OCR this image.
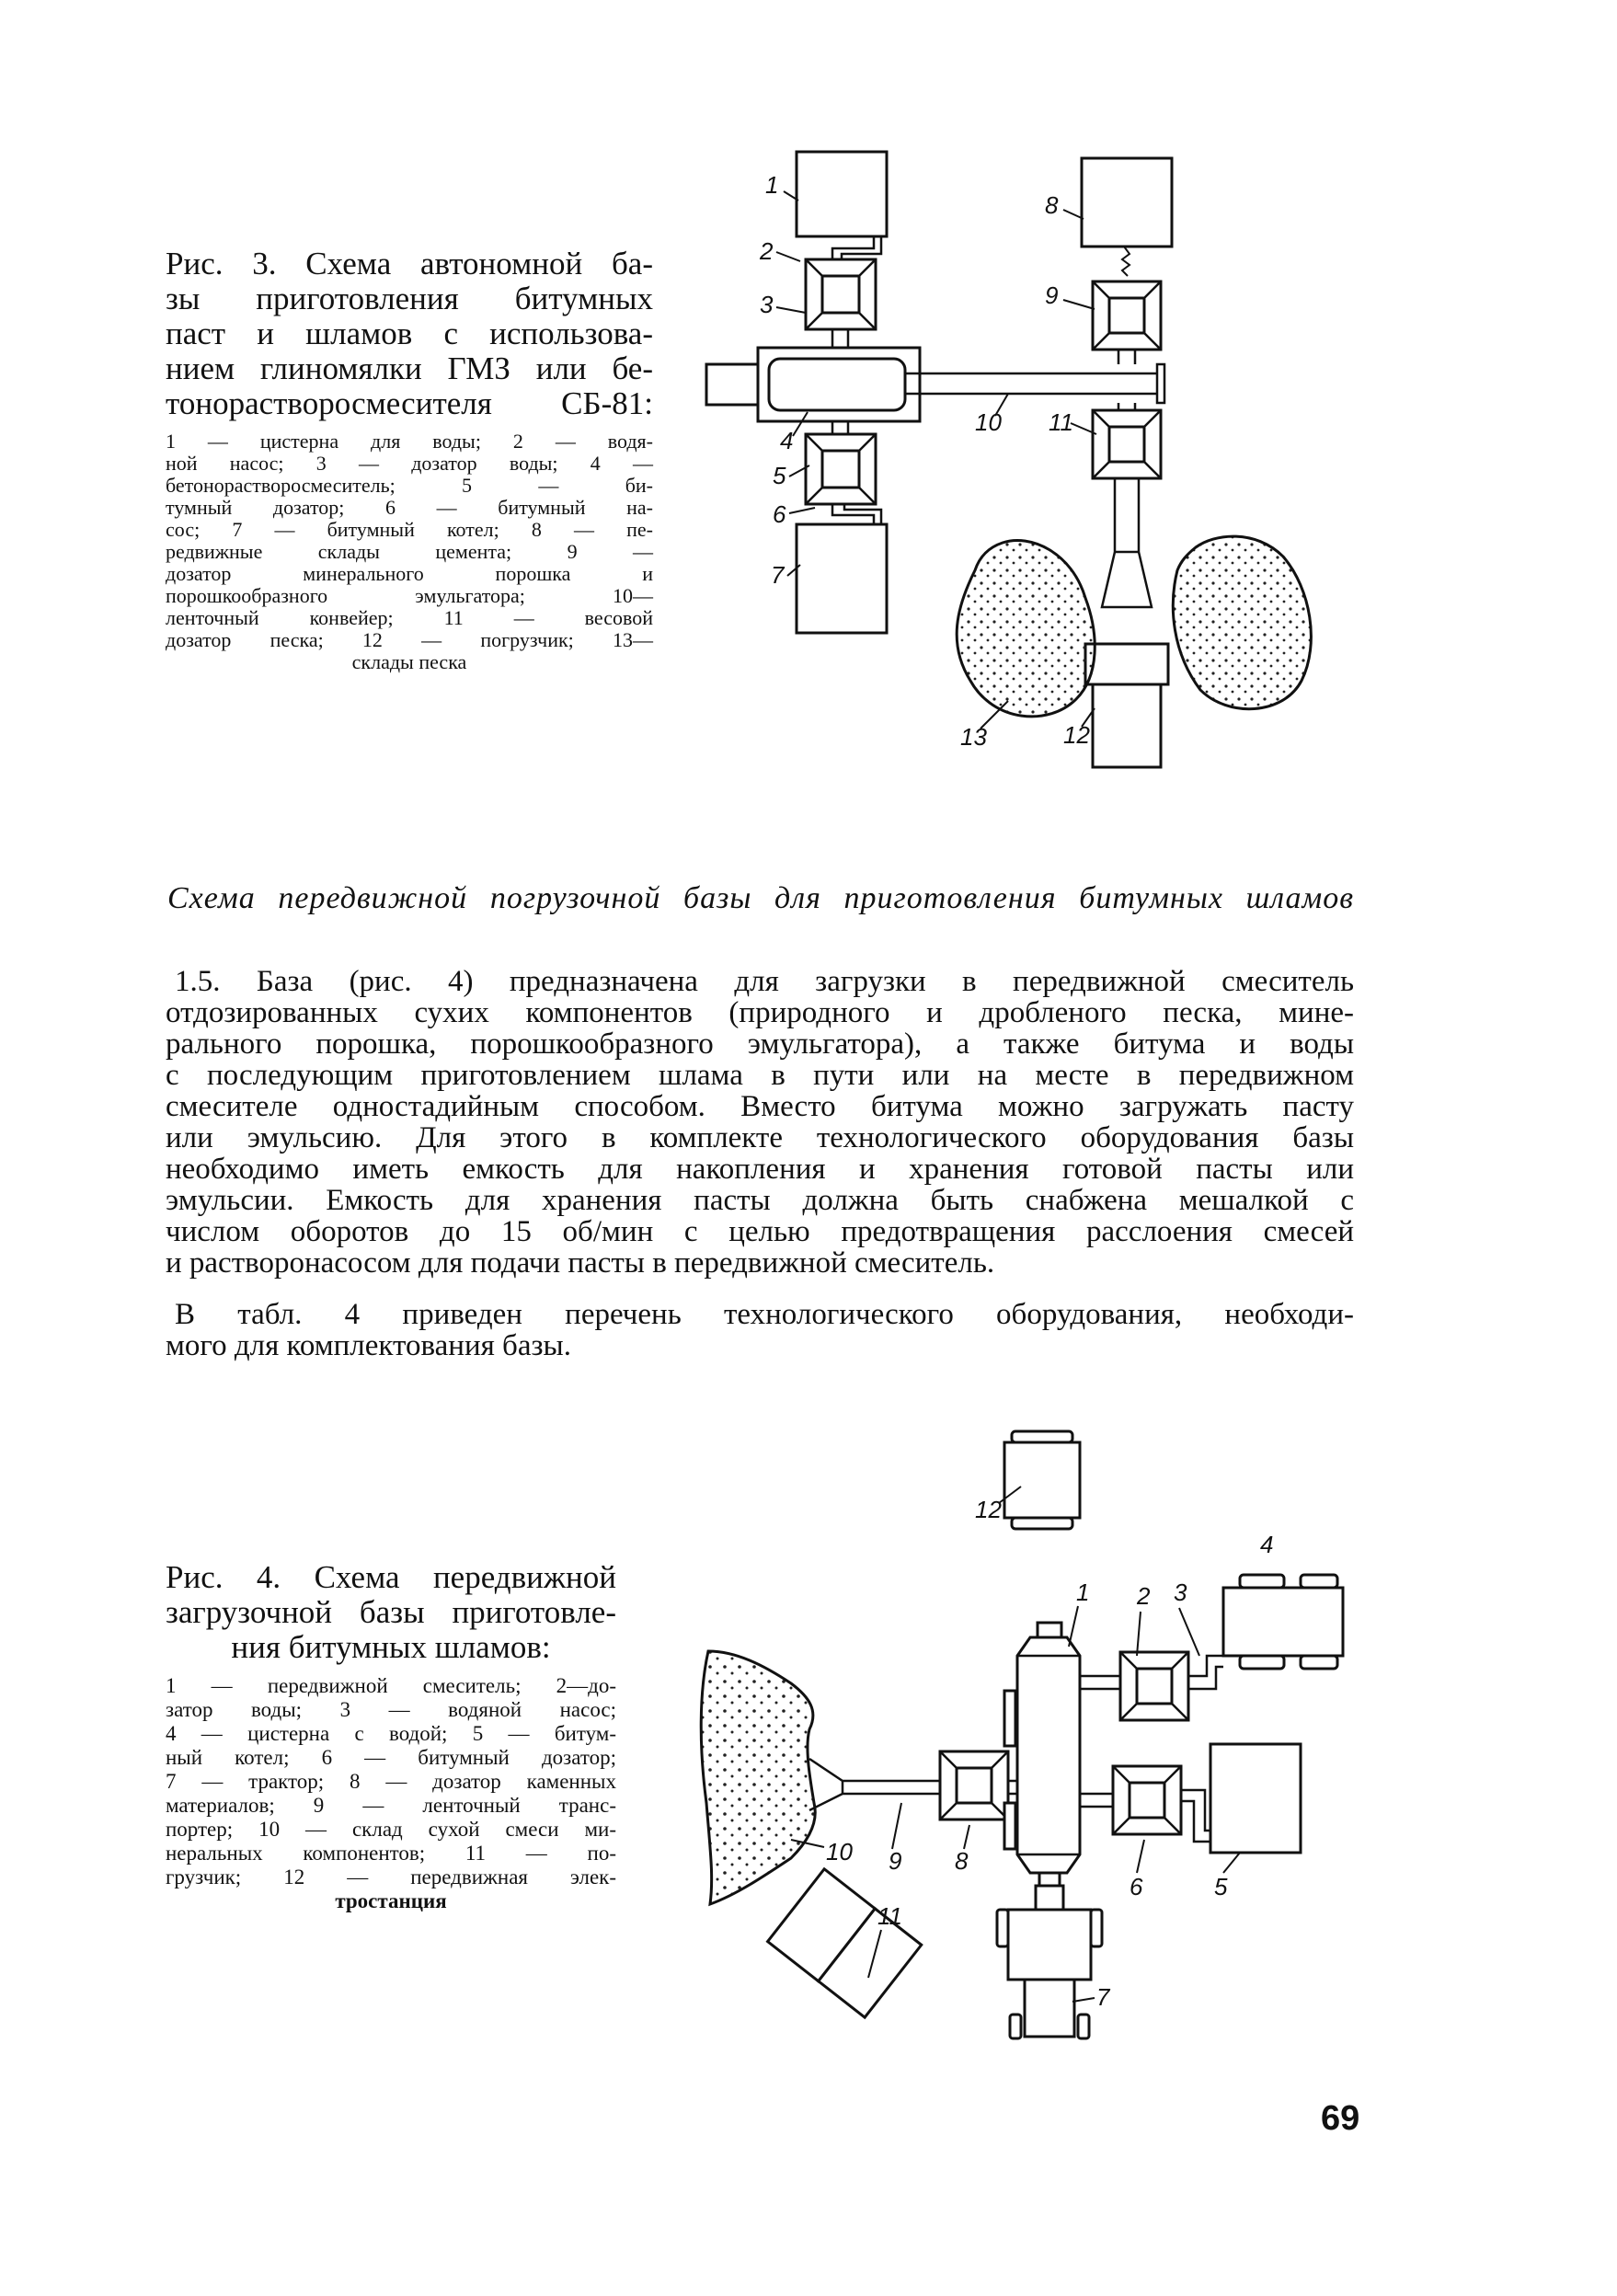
Рис. 3. Схема автономной ба-
зы приготовления битумных
паст и шламов с использова-
нием глиномялки ГМЗ или бе-
тонорастворосмесителя СБ-81:
1 — цистерна для воды; 2 — водя-
ной насос; 3 — дозатор воды; 4 —
бетонорастворосмеситель; 5 — би-
тумный дозатор; 6 — битумный на-
сос; 7 — битумный котел; 8 — пе-
редвижные склады цемента; 9 —
дозатор минерального порошка и
порошкообразного эмульгатора; 10—
ленточный конвейер; 11 — весовой
дозатор песка; 12 — погрузчик; 13—
склады песка
1
2
3
4
5
6
7
8
9
10 11
12
13
Схема передвижной погрузочной базы для приготовления битумных шламов
1.5. База (рис. 4) предназначена для загрузки в передвижной смеситель
отдозированных сухих компонентов (природного и дробленого песка, мине-
рального порошка, порошкообразного эмульгатора), а также битума и воды
с последующим приготовлением шлама в пути или на месте в передвижном
смесителе одностадийным способом. Вместо битума можно загружать пасту
или эмульсию. Для этого в комплекте технологического оборудования базы
необходимо иметь емкость для накопления и хранения готовой пасты или
эмульсии. Емкость для хранения пасты должна быть снабжена мешалкой с
числом оборотов до 15 об/мин с целью предотвращения расслоения смесей
и растворонасосом для подачи пасты в передвижной смеситель.
В табл. 4 приведен перечень технологического оборудования, необходи-
мого для комплектования базы.
Рис. 4. Схема передвижной
загрузочной базы приготовле-
ния битумных шламов:
1 — передвижной смеситель; 2—до-
затор воды; 3 — водяной насос;
4 — цистерна с водой; 5 — битум-
ный котел; 6 — битумный дозатор;
7 — трактор; 8 — дозатор каменных
материалов; 9 — ленточный транс-
портер; 10 — склад сухой смеси ми-
неральных компонентов; 11 — по-
грузчик; 12 — передвижная элек-
тростанция
1 2 3
4
5
6
7
8
9
10
11
12
69
